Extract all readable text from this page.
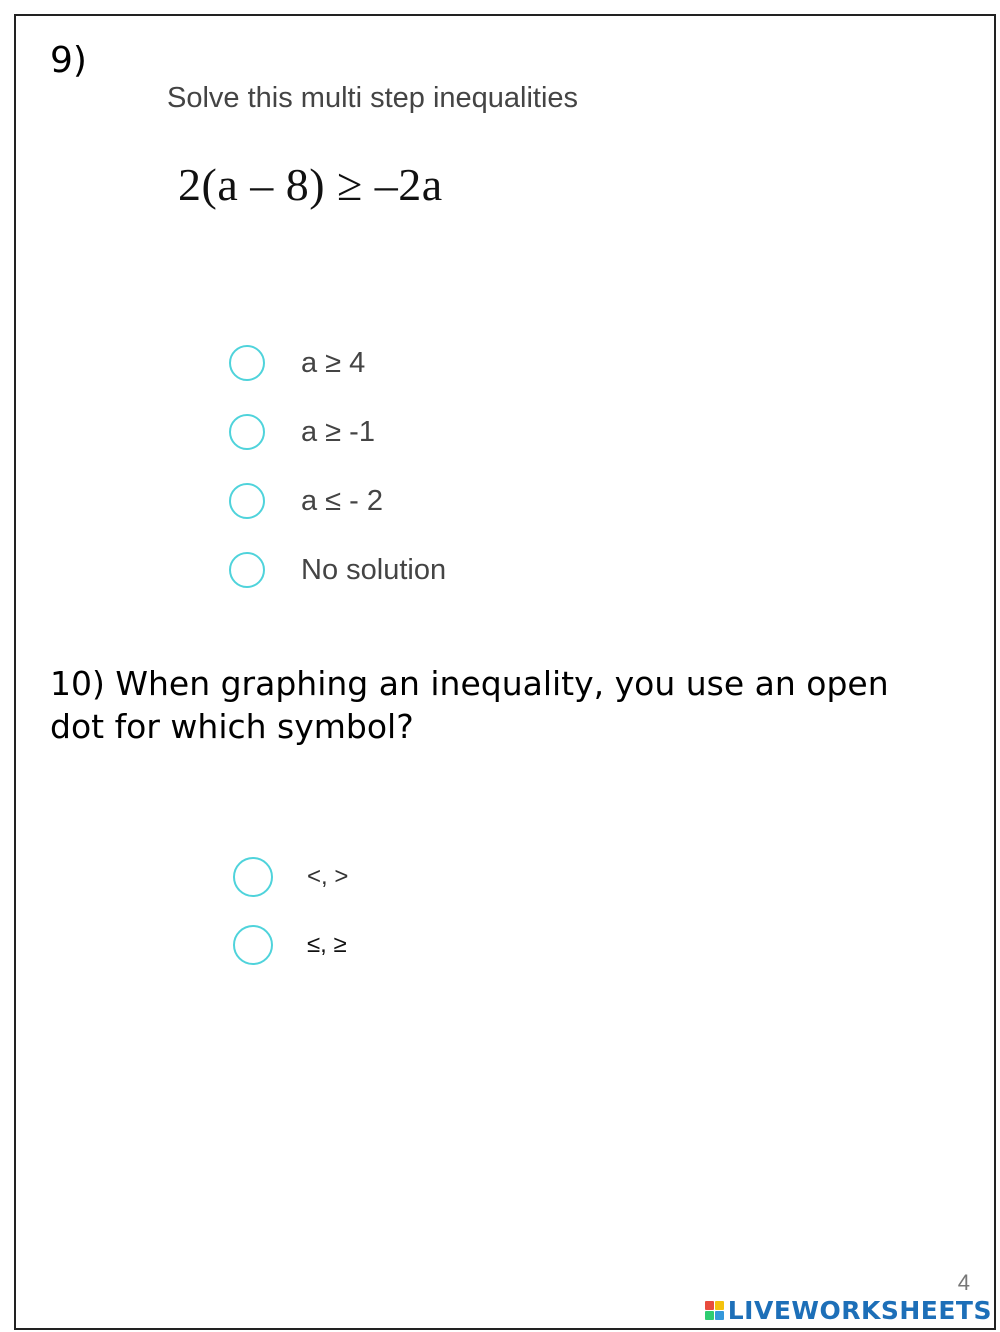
9)
Solve this multi step inequalities
2(a – 8) ≥ –2a
a ≥ 4
a ≥ -1
a ≤ - 2
No solution
10) When graphing an inequality, you use an open dot for which symbol?
<, >
≤, ≥
4
LIVEWORKSHEETS
